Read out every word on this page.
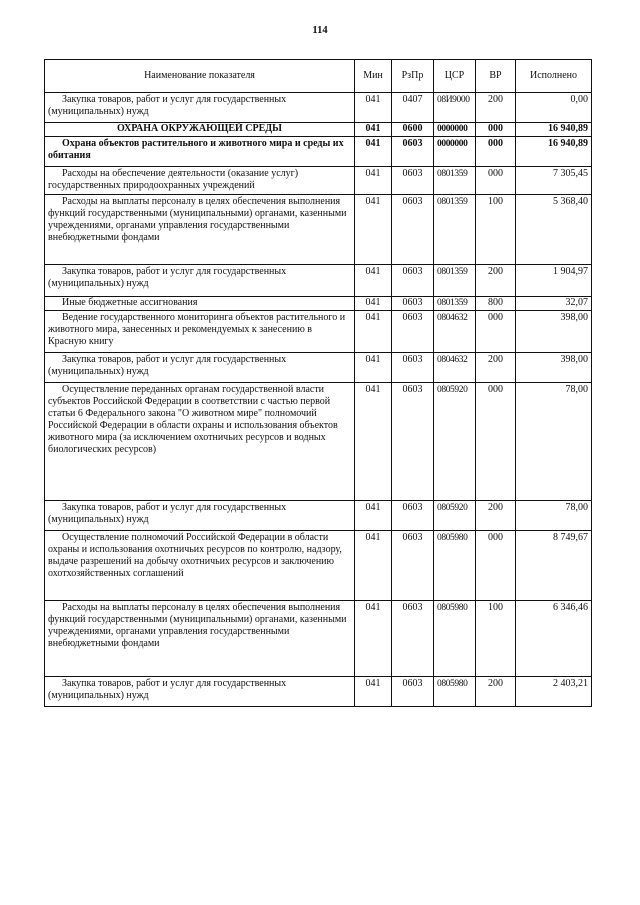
114
Наименование показателя	Мин	РзПр	ЦСР	ВР	Исполнено
Закупка товаров, работ и услуг для государственных (муниципальных) нужд	041	0407	08И9000	200	0,00
ОХРАНА ОКРУЖАЮЩЕЙ СРЕДЫ	041	0600	0000000	000	16 940,89
Охрана объектов растительного и животного мира и среды их обитания	041	0603	0000000	000	16 940,89
Расходы на обеспечение деятельности (оказание услуг) государственных природоохранных учреждений	041	0603	0801359	000	7 305,45
Расходы на выплаты персоналу в целях обеспечения выполнения функций государственными (муниципальными) органами, казенными учреждениями, органами управления государственными внебюджетными фондами	041	0603	0801359	100	5 368,40
Закупка товаров, работ и услуг для государственных (муниципальных) нужд	041	0603	0801359	200	1 904,97
Иные бюджетные ассигнования	041	0603	0801359	800	32,07
Ведение государственного мониторинга объектов растительного и животного мира, занесенных и рекомендуемых к занесению в Красную книгу	041	0603	0804632	000	398,00
Закупка товаров, работ и услуг для государственных (муниципальных) нужд	041	0603	0804632	200	398,00
Осуществление переданных органам государственной власти субъектов Российской Федерации в соответствии с частью первой статьи 6 Федерального закона "О животном мире" полномочий Российской Федерации в области охраны и использования объектов животного мира (за исключением охотничьих ресурсов и водных биологических ресурсов)	041	0603	0805920	000	78,00
Закупка товаров, работ и услуг для государственных (муниципальных) нужд	041	0603	0805920	200	78,00
Осуществление полномочий Российской Федерации в области охраны и использования охотничьих ресурсов по контролю, надзору, выдаче разрешений на добычу охотничьих ресурсов и заключению охотхозяйственных соглашений	041	0603	0805980	000	8 749,67
Расходы на выплаты персоналу в целях обеспечения выполнения функций государственными (муниципальными) органами, казенными учреждениями, органами управления государственными внебюджетными фондами	041	0603	0805980	100	6 346,46
Закупка товаров, работ и услуг для государственных (муниципальных) нужд	041	0603	0805980	200	2 403,21
